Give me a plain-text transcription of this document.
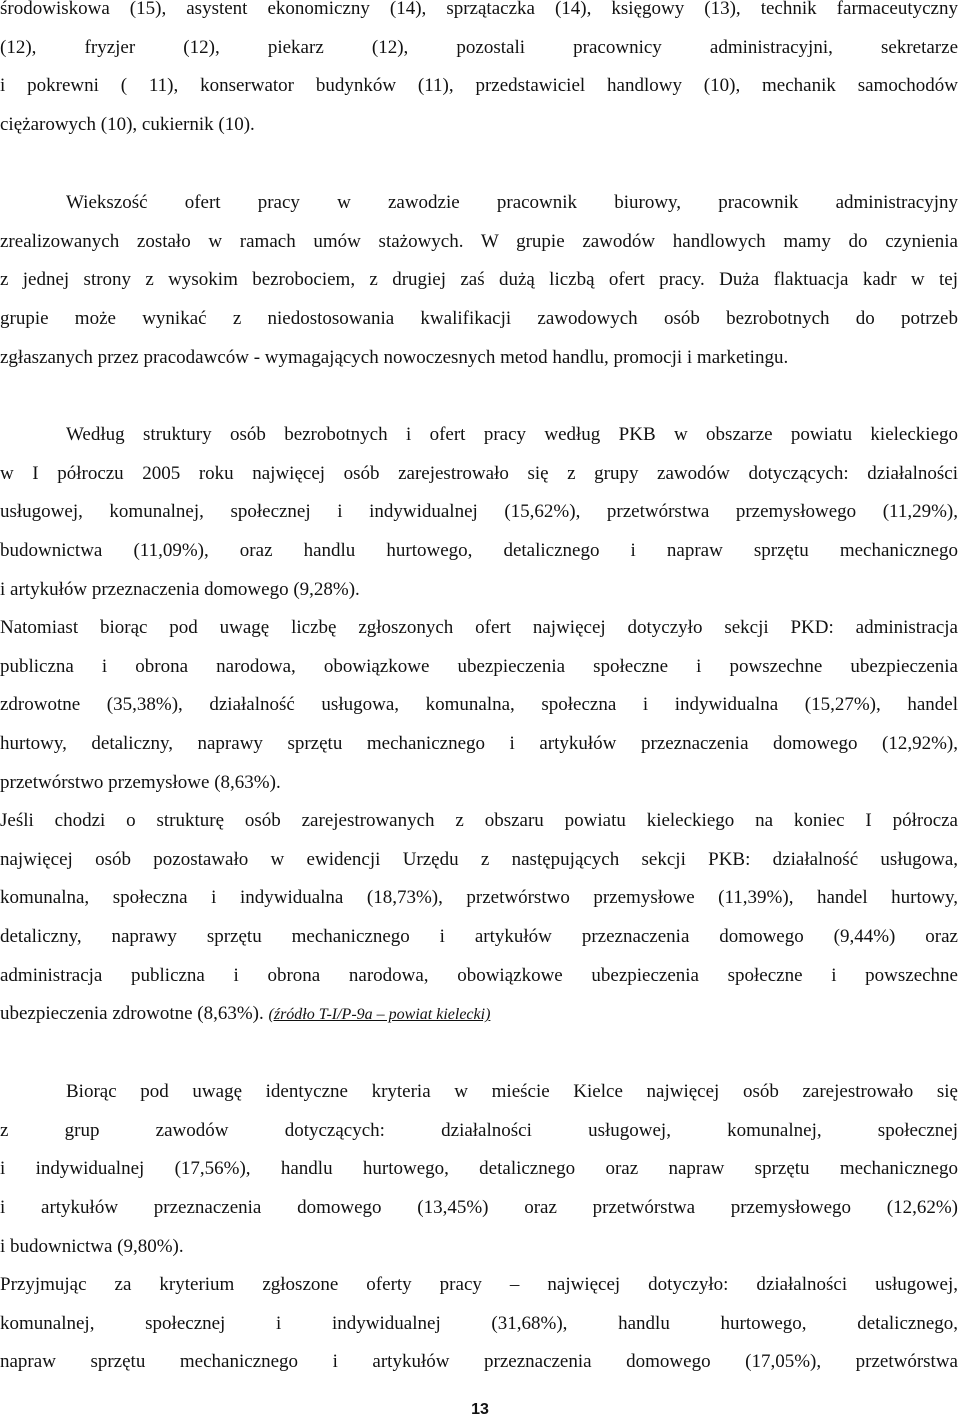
środowiskowa (15), asystent ekonomiczny (14), sprzątaczka (14), księgowy (13), technik farmaceutyczny
(12), fryzjer (12), piekarz (12), pozostali pracownicy administracyjni, sekretarze
i pokrewni ( 11), konserwator budynków (11), przedstawiciel handlowy (10), mechanik samochodów
ciężarowych (10), cukiernik (10).
Wiekszość ofert pracy w zawodzie pracownik biurowy, pracownik administracyjny
zrealizowanych zostało w ramach umów stażowych. W grupie zawodów handlowych mamy do czynienia
z jednej strony z wysokim bezrobociem, z drugiej zaś dużą liczbą ofert pracy. Duża flaktuacja kadr w tej
grupie może wynikać z niedostosowania kwalifikacji zawodowych osób bezrobotnych do potrzeb
zgłaszanych przez pracodawców - wymagających nowoczesnych metod handlu, promocji i marketingu.
Według struktury osób bezrobotnych i ofert pracy według PKB w obszarze powiatu kieleckiego
w I półroczu 2005 roku najwięcej osób zarejestrowało się z grupy zawodów dotyczących: działalności
usługowej, komunalnej, społecznej i indywidualnej (15,62%), przetwórstwa przemysłowego (11,29%),
budownictwa (11,09%), oraz handlu hurtowego, detalicznego i napraw sprzętu mechanicznego
i artykułów przeznaczenia domowego (9,28%).
Natomiast biorąc pod uwagę liczbę zgłoszonych ofert najwięcej dotyczyło sekcji PKD: administracja
publiczna i obrona narodowa, obowiązkowe ubezpieczenia społeczne i powszechne ubezpieczenia
zdrowotne (35,38%), działalność usługowa, komunalna, społeczna i indywidualna (15,27%), handel
hurtowy, detaliczny, naprawy sprzętu mechanicznego i artykułów przeznaczenia domowego (12,92%),
przetwórstwo przemysłowe (8,63%).
Jeśli chodzi o strukturę osób zarejestrowanych z obszaru powiatu kieleckiego na koniec I półrocza
najwięcej osób pozostawało w ewidencji Urzędu z następujących sekcji PKB: działalność usługowa,
komunalna, społeczna i indywidualna (18,73%), przetwórstwo przemysłowe (11,39%), handel hurtowy,
detaliczny, naprawy sprzętu mechanicznego i artykułów przeznaczenia domowego (9,44%) oraz
administracja publiczna i obrona narodowa, obowiązkowe ubezpieczenia społeczne i powszechne
ubezpieczenia zdrowotne (8,63%). (źródło T-I/P-9a – powiat kielecki)
Biorąc pod uwagę identyczne kryteria w mieście Kielce najwięcej osób zarejestrowało się
z grup zawodów dotyczących: działalności usługowej, komunalnej, społecznej
i indywidualnej (17,56%), handlu hurtowego, detalicznego oraz napraw sprzętu mechanicznego
i artykułów przeznaczenia domowego (13,45%) oraz przetwórstwa przemysłowego (12,62%)
i budownictwa (9,80%).
Przyjmując za kryterium zgłoszone oferty pracy – najwięcej dotyczyło: działalności usługowej,
komunalnej, społecznej i indywidualnej (31,68%), handlu hurtowego, detalicznego,
napraw sprzętu mechanicznego i artykułów przeznaczenia domowego (17,05%), przetwórstwa
13
